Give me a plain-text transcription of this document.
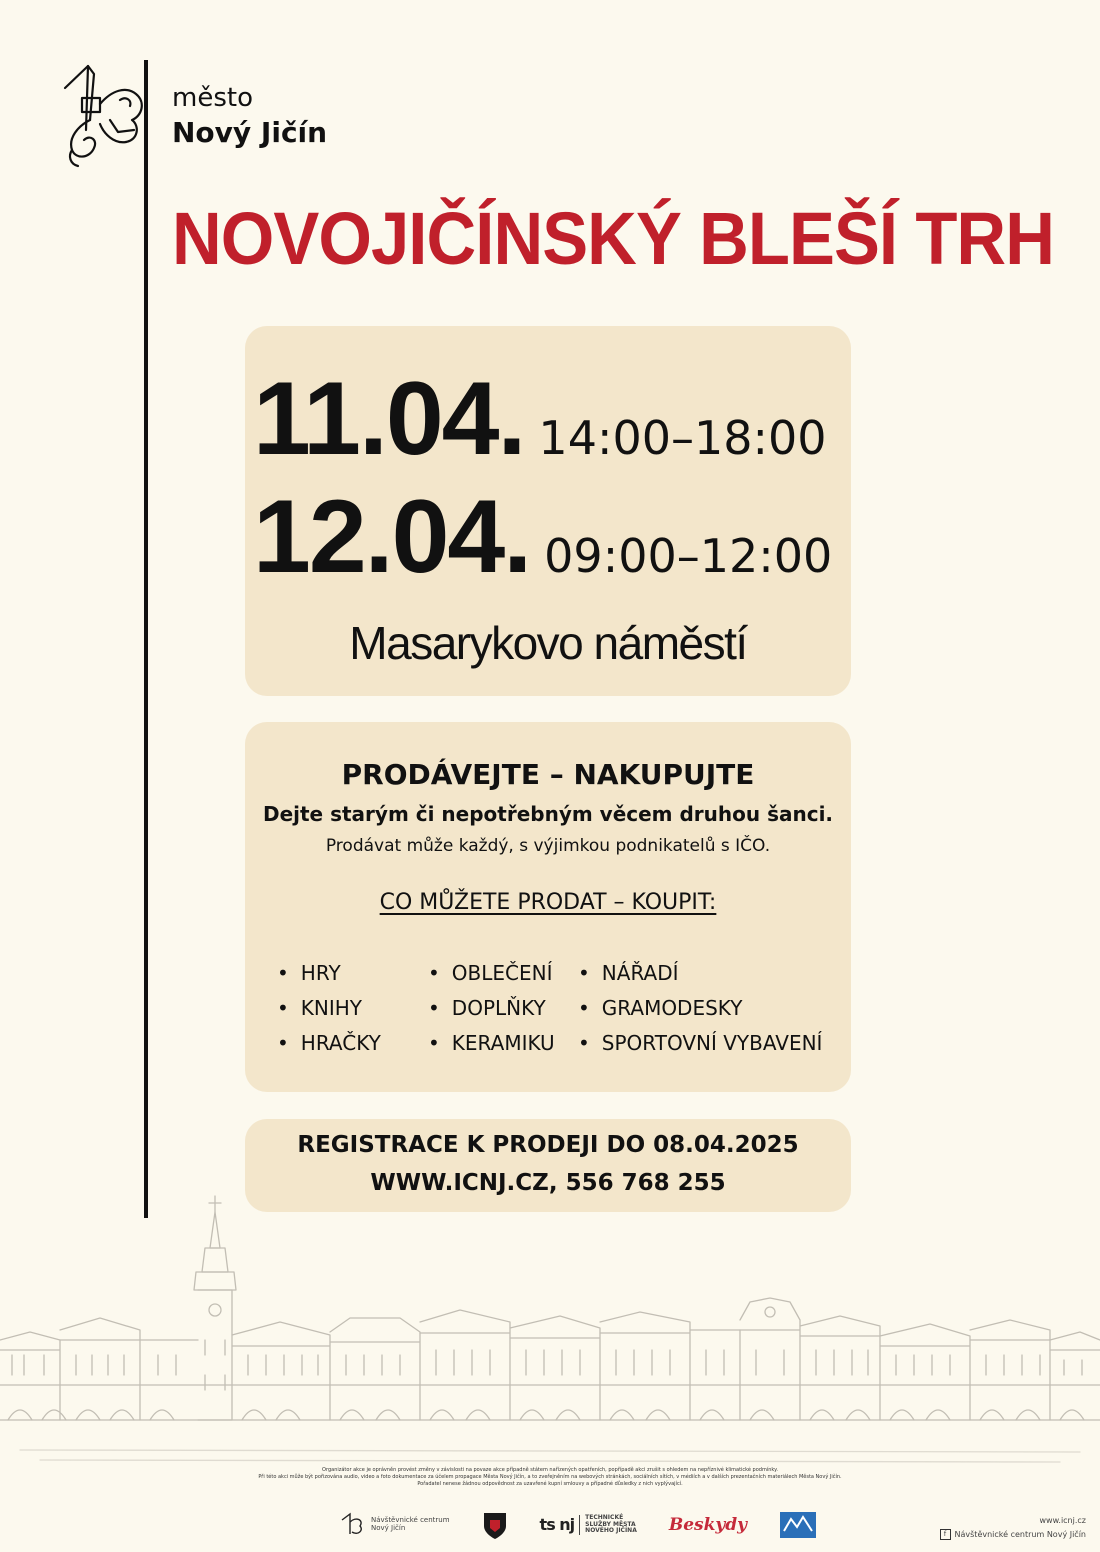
město
Nový Jičín
NOVOJIČÍNSKÝ BLEŠÍ TRH
11.04. 14:00–18:00
12.04. 09:00–12:00
Masarykovo náměstí
PRODÁVEJTE – NAKUPUJTE
Dejte starým či nepotřebným věcem druhou šanci.
Prodávat může každý, s výjimkou podnikatelů s IČO.
CO MŮŽETE PRODAT – KOUPIT:
• HRY
• KNIHY
• HRAČKY
• OBLEČENÍ
• DOPLŇKY
• KERAMIKU
• NÁŘADÍ
• GRAMODESKY
• SPORTOVNÍ VYBAVENÍ
REGISTRACE K PRODEJI DO 08.04.2025
WWW.ICNJ.CZ, 556 768 255
Organizátor akce je oprávněn provést změny v závislosti na povaze akce případně státem nařízených opatřeních, popřípadě akci zrušit s ohledem na nepříznivé klimatické podmínky.
Při této akci může být pořizována audio, video a foto dokumentace za účelem propagace Města Nový Jičín, a to zveřejněním na webových stránkách, sociálních sítích, v médiích a v dalších prezentačních materiálech Města Nový Jičín.
Pořadatel nenese žádnou odpovědnost za uzavřené kupní smlouvy a případné důsledky z nich vyplývající.
Návštěvnické centrum
Nový Jičín	ts nj TECHNICKÉ
SLUŽBY MĚSTA
NOVÉHO JIČÍNA Beskydy	www.icnj.cz
f Návštěvnické centrum Nový Jičín
